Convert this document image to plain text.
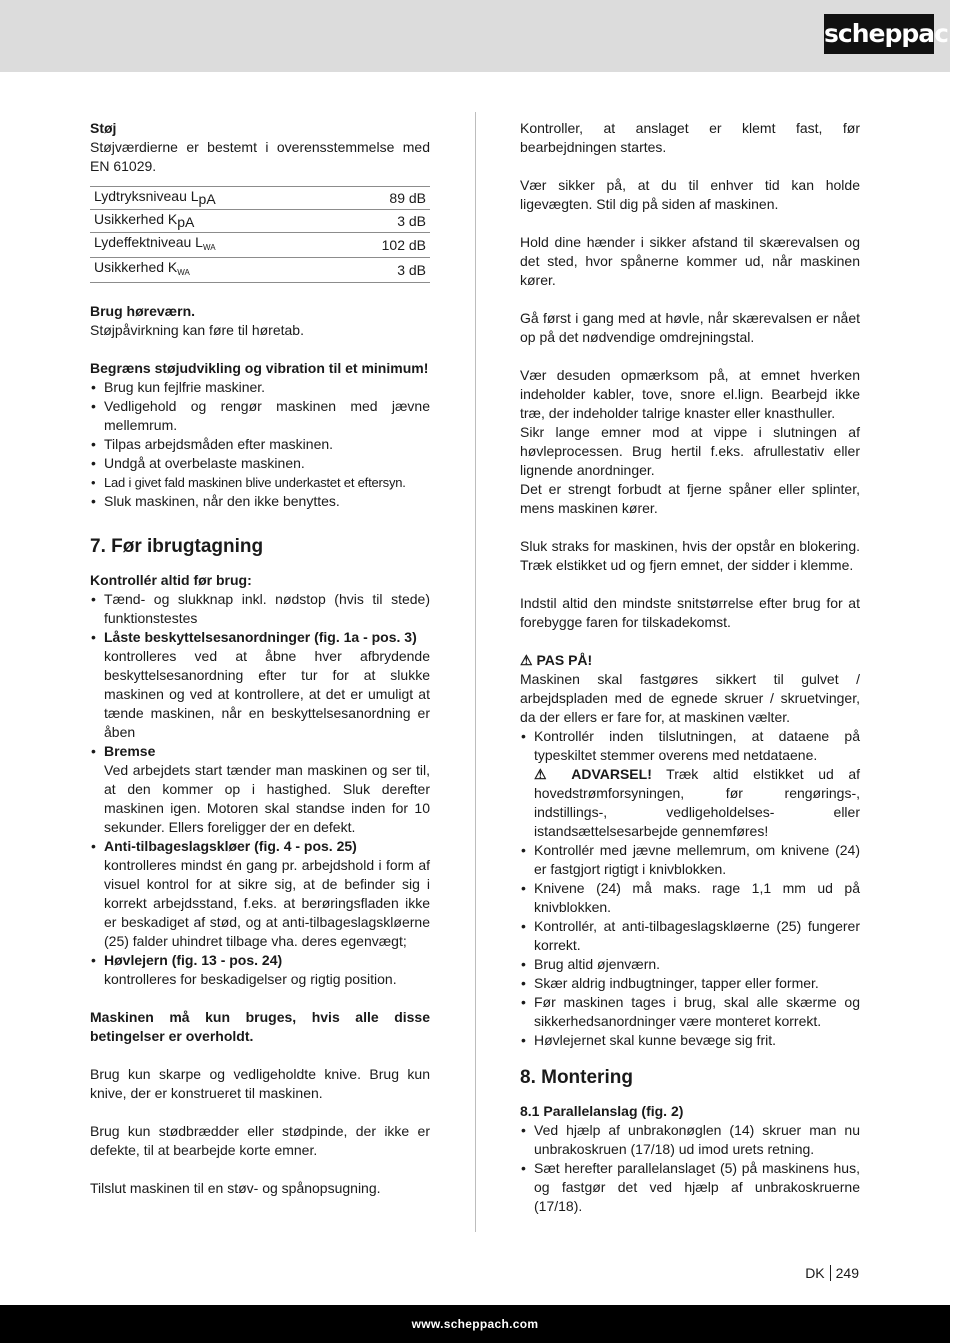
scheppach

Støj

Støjværdierne er bestemt i overensstemmelse med EN 61029.

Lydtryksniveau LpA	89 dB
Usikkerhed KpA	3 dB
Lydeffektniveau $L_{WA}$	102 dB
Usikkerhed $K_{WA}$	3 dB

Brug høreværn.

Støjpåvirkning kan føre til høretab.

Begræns støjudvikling og vibration til et minimum!

• Brug kun fejlfrie maskiner.
• Vedligehold og rengør maskinen med jævne mellemrum.
• Tilpas arbejdsmåden efter maskinen.
• Undgå at overbelaste maskinen.
• Lad i givet fald maskinen blive underkastet et eftersyn.
• Sluk maskinen, når den ikke benyttes.
7. Før ibrugtagning

Kontrollér altid før brug:

• Tænd- og slukknap inkl. nødstop (hvis til stede) funktionstestes
• Låste beskyttelsesanordninger (fig. 1a - pos. 3)
kontrolleres ved at åbne hver afbrydende beskyttelsesanordning efter tur for at slukke maskinen og ved at kontrollere, at det er umuligt at tænde maskinen, når en beskyttelsesanordning er åben
• Bremse
Ved arbejdets start tænder man maskinen og ser til, at den kommer op i hastighed. Sluk derefter maskinen igen. Motoren skal standse inden for 10 sekunder. Ellers foreligger der en defekt.
• Anti-tilbageslagskløer (fig. 4 - pos. 25)
kontrolleres mindst én gang pr. arbejdshold i form af visuel kontrol for at sikre sig, at de befinder sig i korrekt arbejdsstand, f.eks. at berøringsfladen ikke er beskadiget af stød, og at anti-tilbageslagskløerne (25) falder uhindret tilbage vha. deres egenvægt;
• Høvlejern (fig. 13 - pos. 24)
kontrolleres for beskadigelser og rigtig position.

Maskinen må kun bruges, hvis alle disse betingelser er overholdt.

Brug kun skarpe og vedligeholdte knive. Brug kun knive, der er konstrueret til maskinen.

Brug kun stødbrædder eller stødpinde, der ikke er defekte, til at bearbejde korte emner.

Tilslut maskinen til en støv- og spånopsugning.

Kontroller, at anslaget er klemt fast, før bearbejdningen startes.

Vær sikker på, at du til enhver tid kan holde ligevægten. Stil dig på siden af maskinen.

Hold dine hænder i sikker afstand til skærevalsen og det sted, hvor spånerne kommer ud, når maskinen kører.

Gå først i gang med at høvle, når skærevalsen er nået op på det nødvendige omdrejningstal.

Vær desuden opmærksom på, at emnet hverken indeholder kabler, tove, snore el.lign. Bearbejd ikke træ, der indeholder talrige knaster eller knasthuller.

Sikr lange emner mod at vippe i slutningen af høvleprocessen. Brug hertil f.eks. afrullestativ eller lignende anordninger.

Det er strengt forbudt at fjerne spåner eller splinter, mens maskinen kører.

Sluk straks for maskinen, hvis der opstår en blokering. Træk elstikket ud og fjern emnet, der sidder i klemme.

Indstil altid den mindste snitstørrelse efter brug for at forebygge faren for tilskadekomst.

⚠ PAS PÅ!

Maskinen skal fastgøres sikkert til gulvet / arbejdspladen med de egnede skruer / skruetvinger, da der ellers er fare for, at maskinen vælter.

• Kontrollér inden tilslutningen, at dataene på typeskiltet stemmer overens med netdataene.
⚠ ADVARSEL! Træk altid elstikket ud af hovedstrømforsyningen, før rengørings-, indstillings-, vedligeholdelses- eller istandsættelsesarbejde gennemføres!
• Kontrollér med jævne mellemrum, om knivene (24) er fastgjort rigtigt i knivblokken.
• Knivene (24) må maks. rage 1,1 mm ud på knivblokken.
• Kontrollér, at anti-tilbageslagskløerne (25) fungerer korrekt.
• Brug altid øjenværn.
• Skær aldrig indbugtninger, tapper eller former.
• Før maskinen tages i brug, skal alle skærme og sikkerhedsanordninger være monteret korrekt.
• Høvlejernet skal kunne bevæge sig frit.
8. Montering

8.1 Parallelanslag (fig. 2)

• Ved hjælp af unbrakonøglen (14) skruer man nu unbrakoskruen (17/18) ud imod urets retning.
• Sæt herefter parallelanslaget (5) på maskinens hus, og fastgør det ved hjælp af unbrakoskruerne (17/18).
DK 249
www.scheppach.com
